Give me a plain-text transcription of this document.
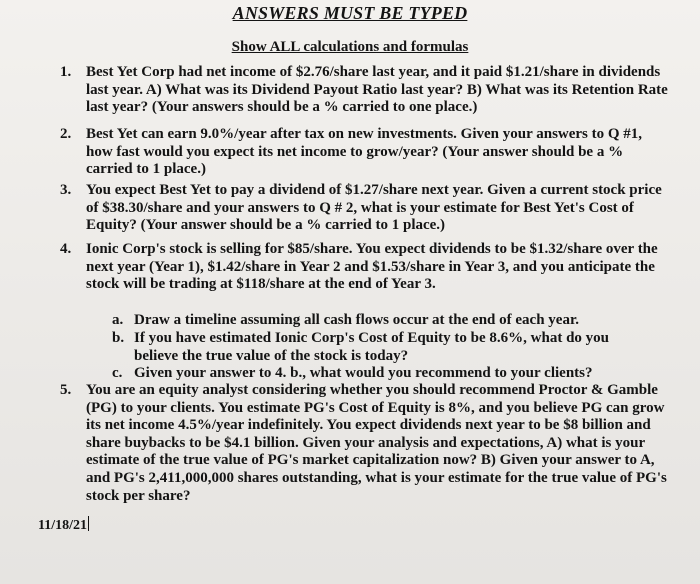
ANSWERS MUST BE TYPED
Show ALL calculations and formulas
1. Best Yet Corp had net income of $2.76/share last year, and it paid $1.21/share in dividends last year. A) What was its Dividend Payout Ratio last year? B) What was its Retention Rate last year? (Your answers should be a % carried to one place.)
2. Best Yet can earn 9.0%/year after tax on new investments. Given your answers to Q #1, how fast would you expect its net income to grow/year? (Your answer should be a % carried to 1 place.)
3. You expect Best Yet to pay a dividend of $1.27/share next year. Given a current stock price of $38.30/share and your answers to Q # 2, what is your estimate for Best Yet's Cost of Equity? (Your answer should be a % carried to 1 place.)
4. Ionic Corp's stock is selling for $85/share. You expect dividends to be $1.32/share over the next year (Year 1), $1.42/share in Year 2 and $1.53/share in Year 3, and you anticipate the stock will be trading at $118/share at the end of Year 3.
a. Draw a timeline assuming all cash flows occur at the end of each year.
b. If you have estimated Ionic Corp's Cost of Equity to be 8.6%, what do you believe the true value of the stock is today?
c. Given your answer to 4. b., what would you recommend to your clients?
5. You are an equity analyst considering whether you should recommend Proctor & Gamble (PG) to your clients. You estimate PG's Cost of Equity is 8%, and you believe PG can grow its net income 4.5%/year indefinitely. You expect dividends next year to be $8 billion and share buybacks to be $4.1 billion. Given your analysis and expectations, A) what is your estimate of the true value of PG's market capitalization now? B) Given your answer to A, and PG's 2,411,000,000 shares outstanding, what is your estimate for the true value of PG's stock per share?
11/18/21
